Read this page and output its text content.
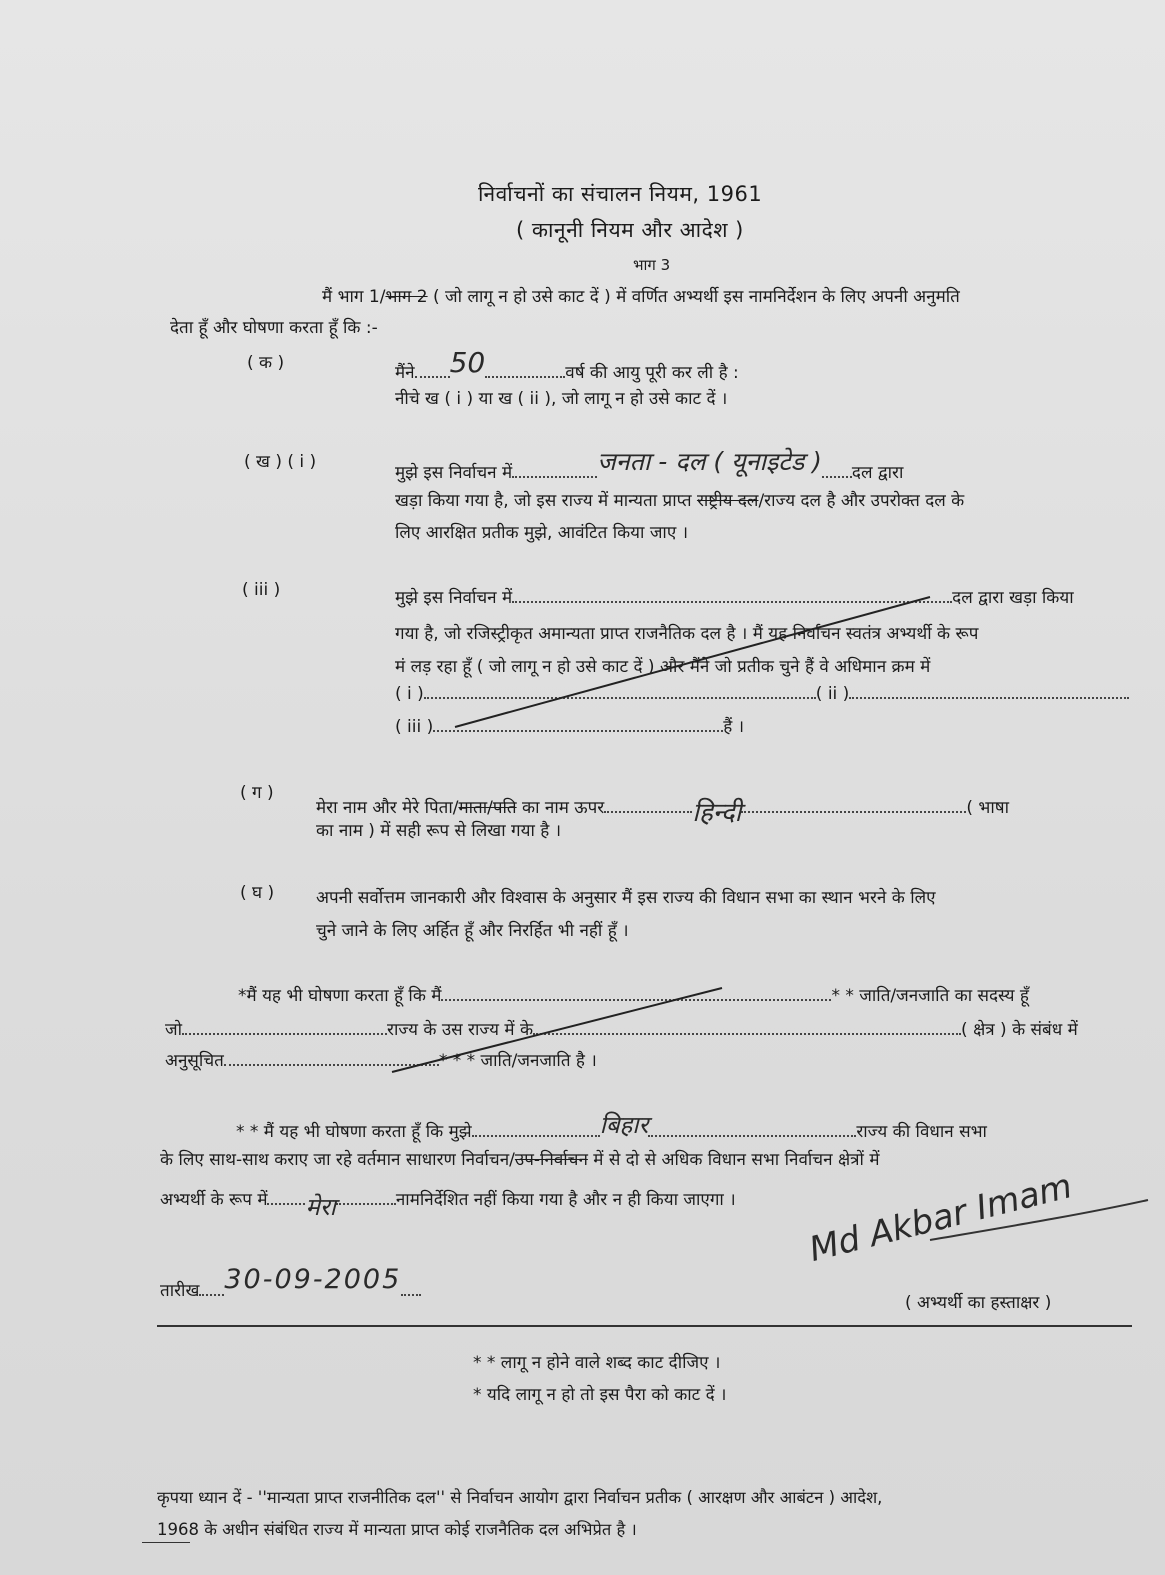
निर्वाचनों का संचालन नियम, 1961
( कानूनी नियम और आदेश )
भाग 3
मैं भाग 1/भाग 2 ( जो लागू न हो उसे काट दें ) में वर्णित अभ्यर्थी इस नामनिर्देशन के लिए अपनी अनुमति
देता हूँ और घोषणा करता हूँ कि :-
( क )	मैंने 50	वर्ष की आयु पूरी कर ली है :
नीचे ख ( i ) या ख ( ii ), जो लागू न हो उसे काट दें ।
( ख ) ( i )
मुझे इस निर्वाचन में	जनता - दल ( यूनाइटेड ) दल द्वारा
खड़ा किया गया है, जो इस राज्य में मान्यता प्राप्त राष्ट्रीय दल/राज्य दल है और उपरोक्त दल के
लिए आरक्षित प्रतीक मुझे, आवंटित किया जाए ।
( iii )	मुझे इस निर्वाचन में	दल द्वारा खड़ा किया
गया है, जो रजिस्ट्रीकृत अमान्यता प्राप्त राजनैतिक दल है । मैं यह निर्वाचन स्वतंत्र अभ्यर्थी के रूप
मं लड़ रहा हूँ ( जो लागू न हो उसे काट दें ) और मैंने जो प्रतीक चुने हैं वे अधिमान क्रम में
( i )	( ii )
( iii )	हैं ।
( ग )
मेरा नाम और मेरे पिता/माता/पति का नाम ऊपर	हिन्दी	( भाषा
का नाम ) में सही रूप से लिखा गया है ।
( घ ) अपनी सर्वोत्तम जानकारी और विश्वास के अनुसार मैं इस राज्य की विधान सभा का स्थान भरने के लिए
चुने जाने के लिए अर्हित हूँ और निरर्हित भी नहीं हूँ ।
*मैं यह भी घोषणा करता हूँ कि मैं	* * जाति/जनजाति का सदस्य हूँ
जो	राज्य के उस राज्य में के	( क्षेत्र ) के संबंध में
अनुसूचित	* * * जाति/जनजाति है ।
* * मैं यह भी घोषणा करता हूँ कि मुझे	बिहार	राज्य की विधान सभा
के लिए साथ-साथ कराए जा रहे वर्तमान साधारण निर्वाचन/उप-निर्वाचन में से दो से अधिक विधान सभा निर्वाचन क्षेत्रों में
अभ्यर्थी के रूप में मेरा	नामनिर्देशित नहीं किया गया है और न ही किया जाएगा ।
तारीख 30-09-2005
Md Akbar Imam
( अभ्यर्थी का हस्ताक्षर )
* * लागू न होने वाले शब्द काट दीजिए ।
* यदि लागू न हो तो इस पैरा को काट दें ।
कृपया ध्यान दें - ''मान्यता प्राप्त राजनीतिक दल'' से निर्वाचन आयोग द्वारा निर्वाचन प्रतीक ( आरक्षण और आबंटन ) आदेश,
1968 के अधीन संबंधित राज्य में मान्यता प्राप्त कोई राजनैतिक दल अभिप्रेत है ।
